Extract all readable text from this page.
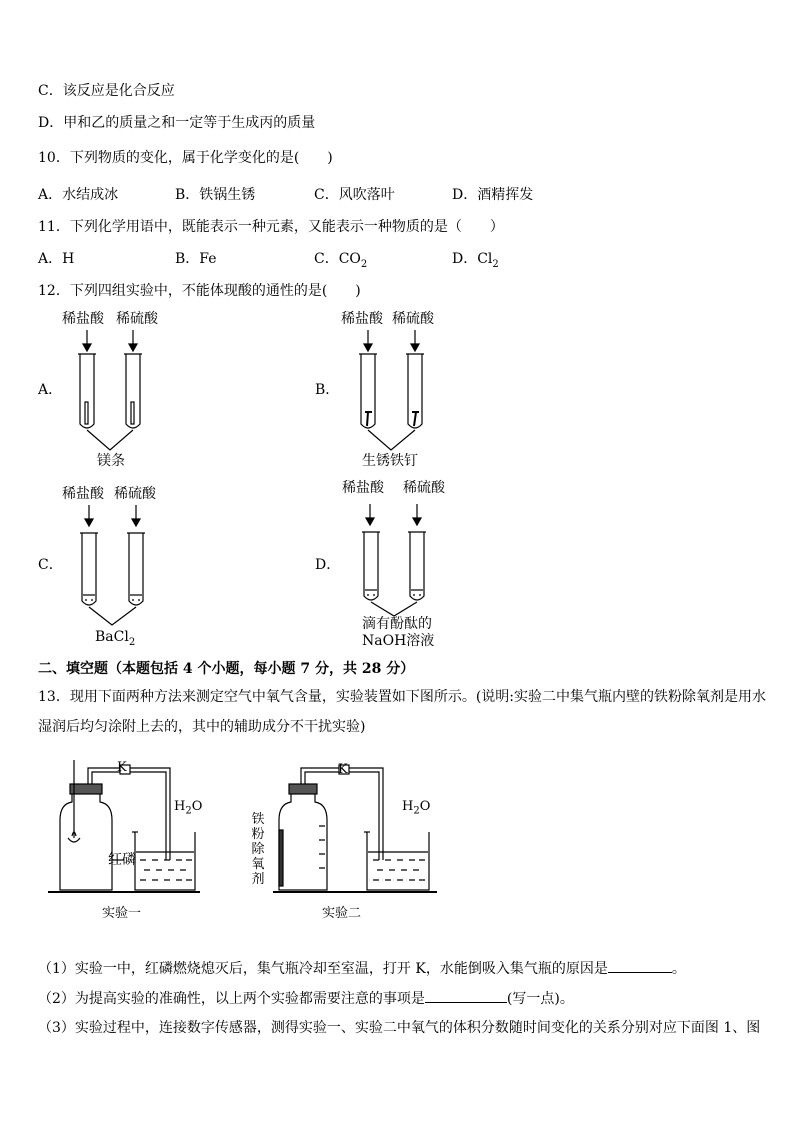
C．该反应是化合反应
D．甲和乙的质量之和一定等于生成丙的质量
10．下列物质的变化，属于化学变化的是(　　)
A．水结成冰	B．铁锅生锈	C．风吹落叶	D．酒精挥发
11．下列化学用语中，既能表示一种元素，又能表示一种物质的是（　　）
A．H	B．Fe	C．$CO_2$	D．$Cl_2$
12．下列四组实验中，不能体现酸的通性的是(　　)
稀盐酸 稀硫酸
A．
镁条
稀盐酸 稀硫酸
B．
生锈铁钉
稀盐酸 稀硫酸
C．
BaCl$_2$
稀盐酸 稀硫酸
D．
滴有酚酞的
NaOH溶液
二、填空题（本题包括 4 个小题，每小题 7 分，共 28 分）
13．现用下面两种方法来测定空气中氧气含量，实验装置如下图所示。(说明:实验二中集气瓶内壁的铁粉除氧剂是用水
湿润后均匀涂附上去的，其中的辅助成分不干扰实验)
K
$H_2O$
红磷
实验一
K
$H_2O$
铁
粉
除
氧
剂
实验二
（1）实验一中，红磷燃烧熄灭后，集气瓶冷却至室温，打开 K，水能倒吸入集气瓶的原因是	。
（2）为提高实验的准确性，以上两个实验都需要注意的事项是	(写一点)。
（3）实验过程中，连接数字传感器，测得实验一、实验二中氧气的体积分数随时间变化的关系分别对应下面图 1、图
